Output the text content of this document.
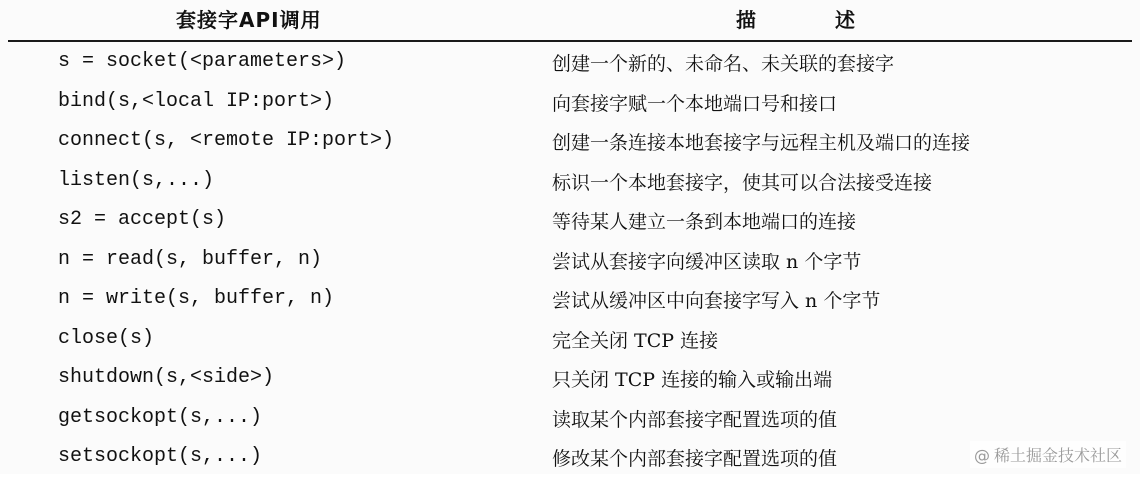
套接字API调用	描 述
s = socket(<parameters>)	创建一个新的、未命名、未关联的套接字
bind(s,<local IP:port>)	向套接字赋一个本地端口号和接口
connect(s, <remote IP:port>)	创建一条连接本地套接字与远程主机及端口的连接
listen(s,...)	标识一个本地套接字，使其可以合法接受连接
s2 = accept(s)	等待某人建立一条到本地端口的连接
n = read(s, buffer, n)	尝试从套接字向缓冲区读取 n 个字节
n = write(s, buffer, n)	尝试从缓冲区中向套接字写入 n 个字节
close(s)	完全关闭 TCP 连接
shutdown(s,<side>)	只关闭 TCP 连接的输入或输出端
getsockopt(s,...)	读取某个内部套接字配置选项的值
setsockopt(s,...)	修改某个内部套接字配置选项的值	@ 稀土掘金技术社区
